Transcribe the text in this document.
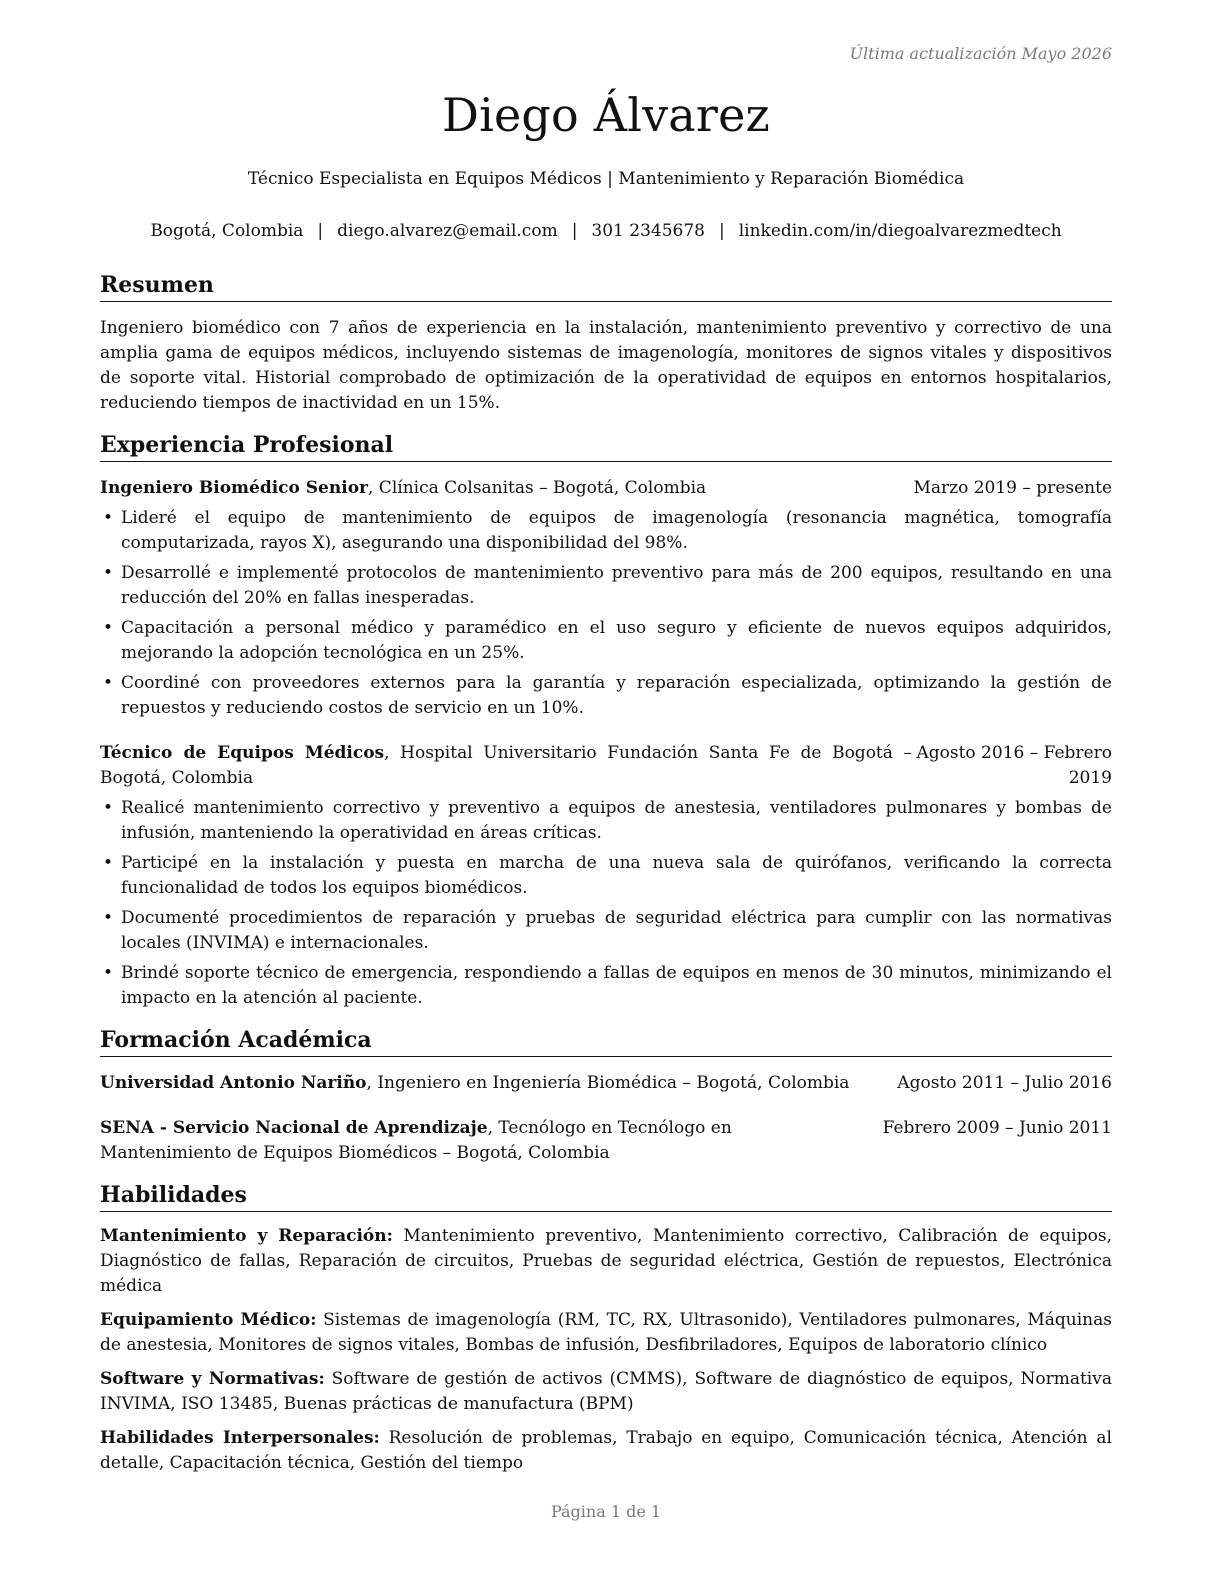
Última actualización Mayo 2026
Diego Álvarez
Técnico Especialista en Equipos Médicos | Mantenimiento y Reparación Biomédica
Bogotá, Colombia | diego.alvarez@email.com | 301 2345678 | linkedin.com/in/diegoalvarezmedtech
Resumen

Ingeniero biomédico con 7 años de experiencia en la instalación, mantenimiento preventivo y correctivo de una amplia gama de equipos médicos, incluyendo sistemas de imagenología, monitores de signos vitales y dispositivos de soporte vital. Historial comprobado de optimización de la operatividad de equipos en entornos hospitalarios, reduciendo tiempos de inactividad en un 15%.

Experiencia Profesional
Ingeniero Biomédico Senior, Clínica Colsanitas – Bogotá, Colombia	Marzo 2019 – presente
• Lideré el equipo de mantenimiento de equipos de imagenología (resonancia magnética, tomografía computarizada, rayos X), asegurando una disponibilidad del 98%.
• Desarrollé e implementé protocolos de mantenimiento preventivo para más de 200 equipos, resultando en una reducción del 20% en fallas inesperadas.
• Capacitación a personal médico y paramédico en el uso seguro y eficiente de nuevos equipos adquiridos, mejorando la adopción tecnológica en un 25%.
• Coordiné con proveedores externos para la garantía y reparación especializada, optimizando la gestión de repuestos y reduciendo costos de servicio en un 10%.
Técnico de Equipos Médicos, Hospital Universitario Fundación Santa Fe de Bogotá – Bogotá, Colombia
Agosto 2016 – Febrero 2019
• Realicé mantenimiento correctivo y preventivo a equipos de anestesia, ventiladores pulmonares y bombas de infusión, manteniendo la operatividad en áreas críticas.
• Participé en la instalación y puesta en marcha de una nueva sala de quirófanos, verificando la correcta funcionalidad de todos los equipos biomédicos.
• Documenté procedimientos de reparación y pruebas de seguridad eléctrica para cumplir con las normativas locales (INVIMA) e internacionales.
• Brindé soporte técnico de emergencia, respondiendo a fallas de equipos en menos de 30 minutos, minimizando el impacto en la atención al paciente.
Formación Académica
Universidad Antonio Nariño, Ingeniero en Ingeniería Biomédica – Bogotá, Colombia	Agosto 2011 – Julio 2016
SENA - Servicio Nacional de Aprendizaje, Tecnólogo en Tecnólogo en Mantenimiento de Equipos Biomédicos – Bogotá, Colombia
Febrero 2009 – Junio 2011
Habilidades
Mantenimiento y Reparación: Mantenimiento preventivo, Mantenimiento correctivo, Calibración de equipos, Diagnóstico de fallas, Reparación de circuitos, Pruebas de seguridad eléctrica, Gestión de repuestos, Electrónica médica
Equipamiento Médico: Sistemas de imagenología (RM, TC, RX, Ultrasonido), Ventiladores pulmonares, Máquinas de anestesia, Monitores de signos vitales, Bombas de infusión, Desfibriladores, Equipos de laboratorio clínico
Software y Normativas: Software de gestión de activos (CMMS), Software de diagnóstico de equipos, Normativa INVIMA, ISO 13485, Buenas prácticas de manufactura (BPM)
Habilidades Interpersonales: Resolución de problemas, Trabajo en equipo, Comunicación técnica, Atención al detalle, Capacitación técnica, Gestión del tiempo
Página 1 de 1
